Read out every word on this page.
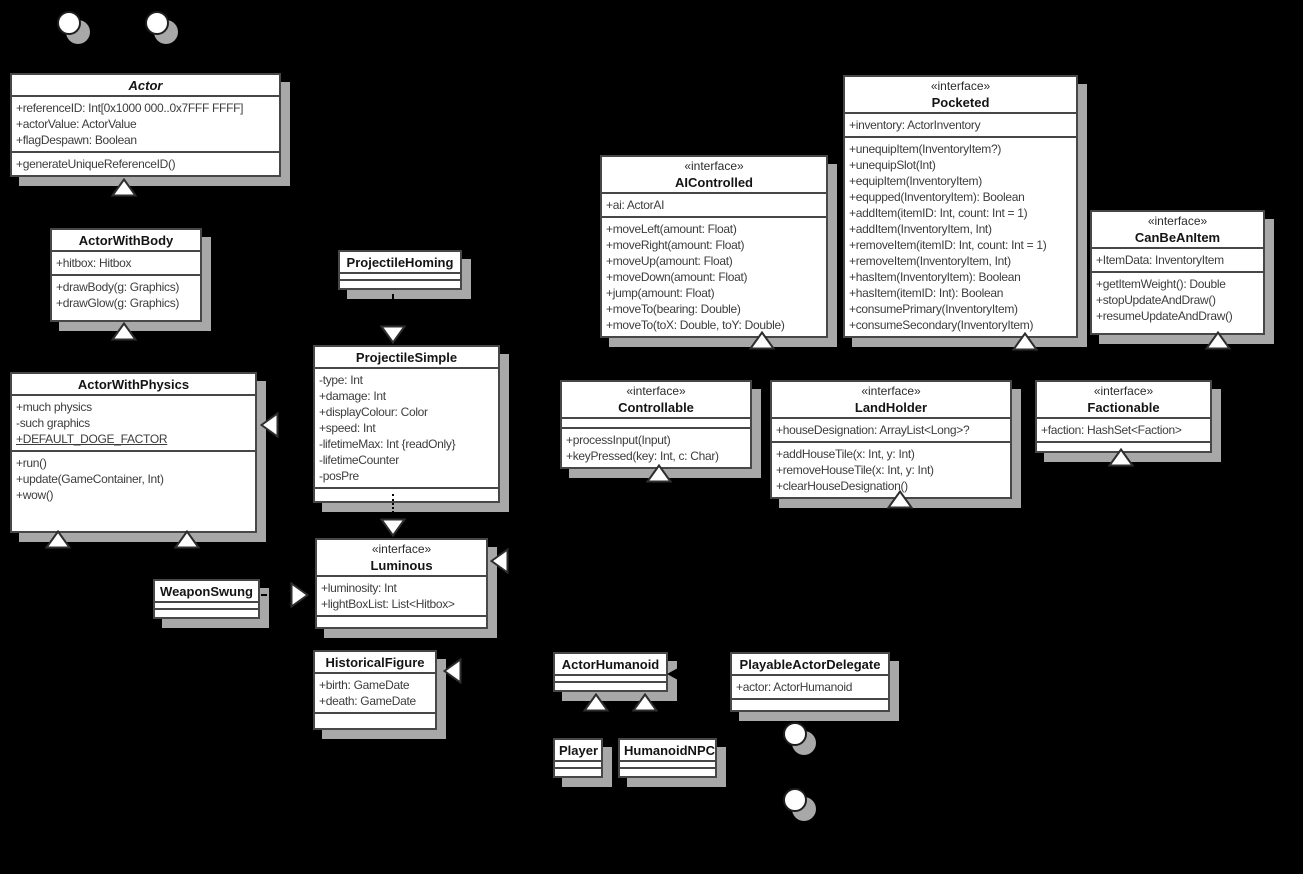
Actor
+referenceID: Int[0x1000 000..0x7FFF FFFF]
+actorValue: ActorValue
+flagDespawn: Boolean
+generateUniqueReferenceID()
ActorWithBody
+hitbox: Hitbox
+drawBody(g: Graphics)
+drawGlow(g: Graphics)
ActorWithPhysics
+much physics
-such graphics
+DEFAULT_DOGE_FACTOR
+run()
+update(GameContainer, Int)
+wow()
ProjectileHoming
ProjectileSimple
-type: Int
+damage: Int
+displayColour: Color
+speed: Int
-lifetimeMax: Int {readOnly}
-lifetimeCounter
-posPre
«interface»
Luminous
+luminosity: Int
+lightBoxList: List<Hitbox>
WeaponSwung
HistoricalFigure
+birth: GameDate
+death: GameDate
«interface»
AIControlled
+ai: ActorAI
+moveLeft(amount: Float)
+moveRight(amount: Float)
+moveUp(amount: Float)
+moveDown(amount: Float)
+jump(amount: Float)
+moveTo(bearing: Double)
+moveTo(toX: Double, toY: Double)
«interface»
Pocketed
+inventory: ActorInventory
+unequipItem(InventoryItem?)
+unequipSlot(Int)
+equipItem(InventoryItem)
+equpped(InventoryItem): Boolean
+addItem(itemID: Int, count: Int = 1)
+addItem(InventoryItem, Int)
+removeItem(itemID: Int, count: Int = 1)
+removeItem(InventoryItem, Int)
+hasItem(InventoryItem): Boolean
+hasItem(itemID: Int): Boolean
+consumePrimary(InventoryItem)
+consumeSecondary(InventoryItem)
«interface»
CanBeAnItem
+ItemData: InventoryItem
+getItemWeight(): Double
+stopUpdateAndDraw()
+resumeUpdateAndDraw()
«interface»
Controllable
+processInput(Input)
+keyPressed(key: Int, c: Char)
«interface»
LandHolder
+houseDesignation: ArrayList<Long>?
+addHouseTile(x: Int, y: Int)
+removeHouseTile(x: Int, y: Int)
+clearHouseDesignation()
«interface»
Factionable
+faction: HashSet<Faction>
ActorHumanoid	PlayableActorDelegate
+actor: ActorHumanoid
Player HumanoidNPC
